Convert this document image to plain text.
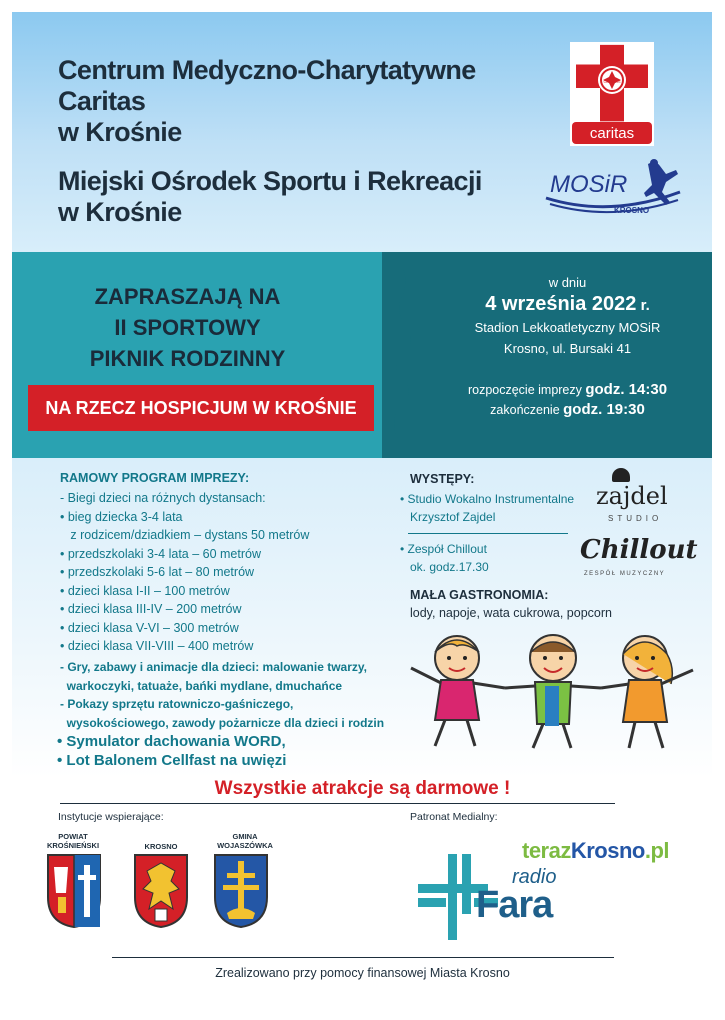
Centrum Medyczno-Charytatywne
Caritas
w Krośnie
Miejski Ośrodek Sportu i Rekreacji
w Krośnie
CARITAS
caritas
MOSiR
KROSNO
ZAPRASZAJĄ NA
II SPORTOWY
PIKNIK RODZINNY
NA RZECZ HOSPICJUM W KROŚNIE
w dniu
4 września 2022 r.
Stadion Lekkoatletyczny MOSiR
Krosno, ul. Bursaki 41
rozpoczęcie imprezy godz. 14:30
zakończenie godz. 19:30
RAMOWY PROGRAM IMPREZY:
- Biegi dzieci na różnych dystansach:
• bieg dziecka 3-4 lata
z rodzicem/dziadkiem – dystans 50 metrów
• przedszkolaki 3-4 lata – 60 metrów
• przedszkolaki 5-6 lat – 80 metrów
• dzieci klasa I-II – 100 metrów
• dzieci klasa III-IV – 200 metrów
• dzieci klasa V-VI – 300 metrów
• dzieci klasa VII-VIII – 400 metrów
- Gry, zabawy i animacje dla dzieci: malowanie twarzy,
warkoczyki, tatuaże, bańki mydlane, dmuchańce
- Pokazy sprzętu ratowniczo-gaśniczego,
wysokościowego, zawody pożarnicze dla dzieci i rodzin
• Symulator dachowania WORD,
• Lot Balonem Cellfast na uwięzi
WYSTĘPY:
• Studio Wokalno Instrumentalne
Krzysztof Zajdel
• Zespół Chillout
ok. godz.17.30
zajdel
STUDIO
Chillout
ZESPÓŁ MUZYCZNY
MAŁA GASTRONOMIA:
lody, napoje, wata cukrowa, popcorn
Wszystkie atrakcje są darmowe !
Instytucje wspierające:	Patronat Medialny:
POWIAT
KROŚNIEŃSKI	KROSNO
GMINA
WOJASZÓWKA	terazKrosno.pl
radio
Fara
Zrealizowano przy pomocy finansowej Miasta Krosno
